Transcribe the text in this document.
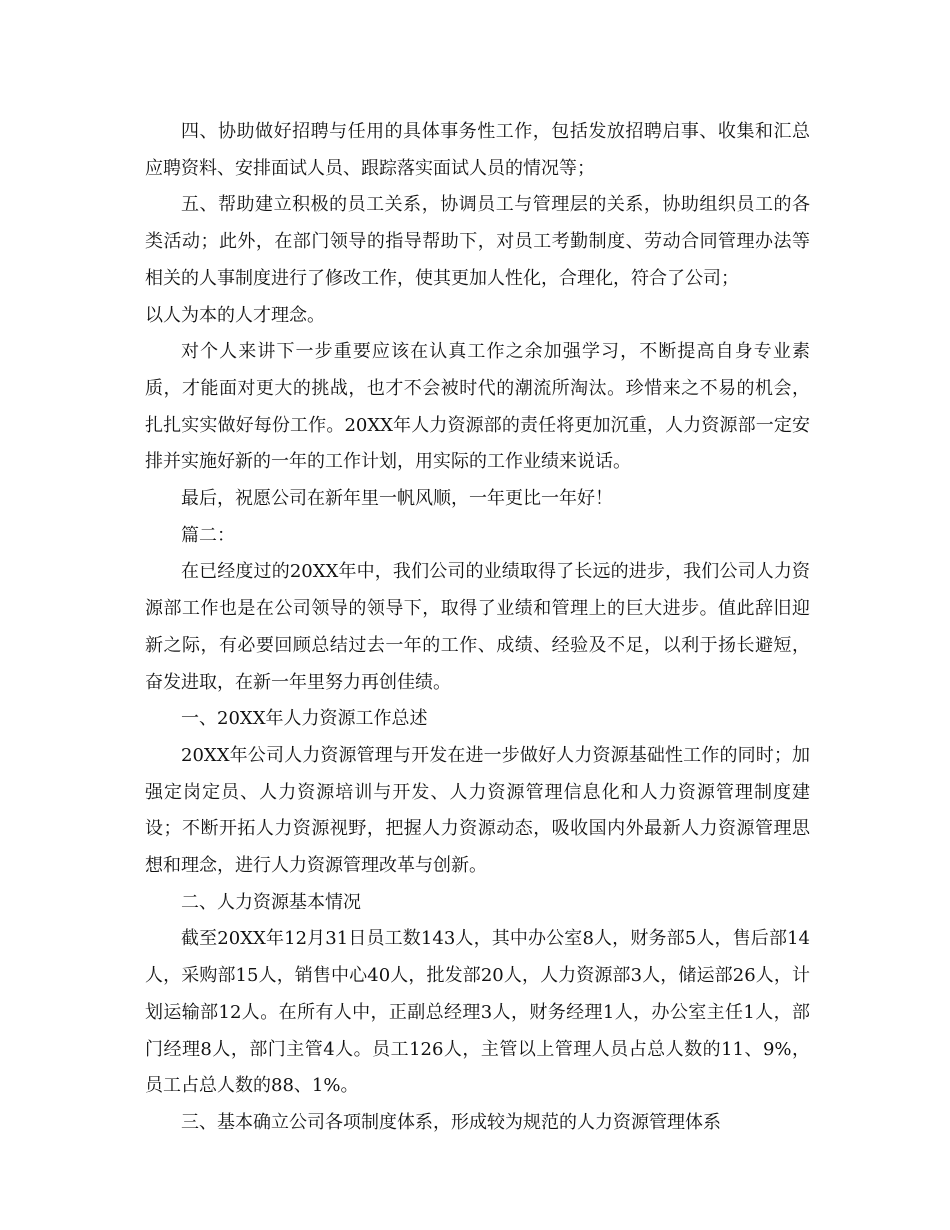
四、协助做好招聘与任用的具体事务性工作，包括发放招聘启事、收集和汇总应聘资料、安排面试人员、跟踪落实面试人员的情况等；

五、帮助建立积极的员工关系，协调员工与管理层的关系，协助组织员工的各类活动；此外，在部门领导的指导帮助下，对员工考勤制度、劳动合同管理办法等相关的人事制度进行了修改工作，使其更加人性化，合理化，符合了公司；

以人为本的人才理念。

对个人来讲下一步重要应该在认真工作之余加强学习，不断提高自身专业素质，才能面对更大的挑战，也才不会被时代的潮流所淘汰。珍惜来之不易的机会，扎扎实实做好每份工作。20XX年人力资源部的责任将更加沉重，人力资源部一定安排并实施好新的一年的工作计划，用实际的工作业绩来说话。

最后，祝愿公司在新年里一帆风顺，一年更比一年好！

篇二：

在已经度过的20XX年中，我们公司的业绩取得了长远的进步，我们公司人力资源部工作也是在公司领导的领导下，取得了业绩和管理上的巨大进步。值此辞旧迎新之际，有必要回顾总结过去一年的工作、成绩、经验及不足，以利于扬长避短，奋发进取，在新一年里努力再创佳绩。

一、20XX年人力资源工作总述

20XX年公司人力资源管理与开发在进一步做好人力资源基础性工作的同时；加强定岗定员、人力资源培训与开发、人力资源管理信息化和人力资源管理制度建设；不断开拓人力资源视野，把握人力资源动态，吸收国内外最新人力资源管理思想和理念，进行人力资源管理改革与创新。

二、人力资源基本情况

截至20XX年12月31日员工数143人，其中办公室8人，财务部5人，售后部14人，采购部15人，销售中心40人，批发部20人，人力资源部3人，储运部26人，计划运输部12人。在所有人中，正副总经理3人，财务经理1人，办公室主任1人，部门经理8人，部门主管4人。员工126人，主管以上管理人员占总人数的11、9%，员工占总人数的88、1%。

三、基本确立公司各项制度体系，形成较为规范的人力资源管理体系
